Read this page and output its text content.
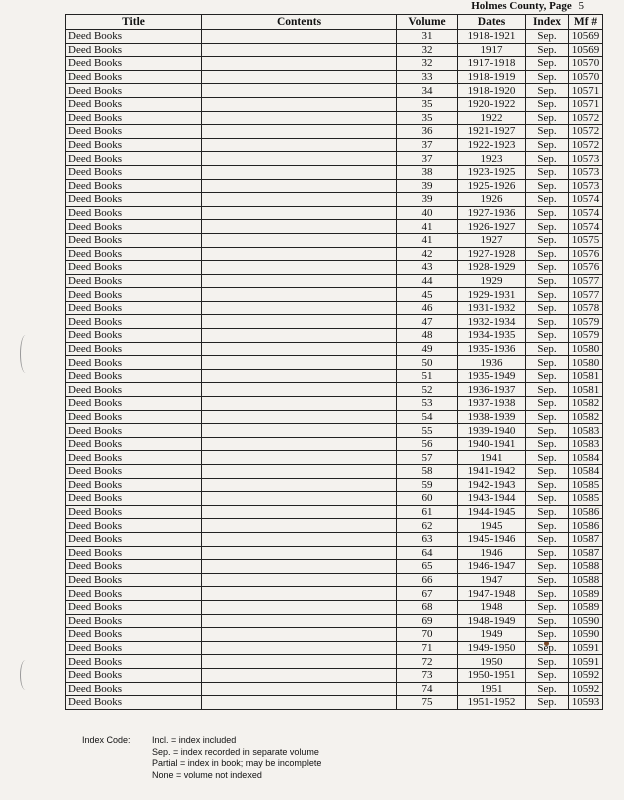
Holmes County, Page 5
Title	Contents	Volume	Dates	Index	Mf #
Deed Books		31	1918-1921	Sep.	10569
Deed Books		32	1917	Sep.	10569
Deed Books		32	1917-1918	Sep.	10570
Deed Books		33	1918-1919	Sep.	10570
Deed Books		34	1918-1920	Sep.	10571
Deed Books		35	1920-1922	Sep.	10571
Deed Books		35	1922	Sep.	10572
Deed Books		36	1921-1927	Sep.	10572
Deed Books		37	1922-1923	Sep.	10572
Deed Books		37	1923	Sep.	10573
Deed Books		38	1923-1925	Sep.	10573
Deed Books		39	1925-1926	Sep.	10573
Deed Books		39	1926	Sep.	10574
Deed Books		40	1927-1936	Sep.	10574
Deed Books		41	1926-1927	Sep.	10574
Deed Books		41	1927	Sep.	10575
Deed Books		42	1927-1928	Sep.	10576
Deed Books		43	1928-1929	Sep.	10576
Deed Books		44	1929	Sep.	10577
Deed Books		45	1929-1931	Sep.	10577
Deed Books		46	1931-1932	Sep.	10578
Deed Books		47	1932-1934	Sep.	10579
Deed Books		48	1934-1935	Sep.	10579
Deed Books		49	1935-1936	Sep.	10580
Deed Books		50	1936	Sep.	10580
Deed Books		51	1935-1949	Sep.	10581
Deed Books		52	1936-1937	Sep.	10581
Deed Books		53	1937-1938	Sep.	10582
Deed Books		54	1938-1939	Sep.	10582
Deed Books		55	1939-1940	Sep.	10583
Deed Books		56	1940-1941	Sep.	10583
Deed Books		57	1941	Sep.	10584
Deed Books		58	1941-1942	Sep.	10584
Deed Books		59	1942-1943	Sep.	10585
Deed Books		60	1943-1944	Sep.	10585
Deed Books		61	1944-1945	Sep.	10586
Deed Books		62	1945	Sep.	10586
Deed Books		63	1945-1946	Sep.	10587
Deed Books		64	1946	Sep.	10587
Deed Books		65	1946-1947	Sep.	10588
Deed Books		66	1947	Sep.	10588
Deed Books		67	1947-1948	Sep.	10589
Deed Books		68	1948	Sep.	10589
Deed Books		69	1948-1949	Sep.	10590
Deed Books		70	1949	Sep.	10590
Deed Books		71	1949-1950	Sep.	10591
Deed Books		72	1950	Sep.	10591
Deed Books		73	1950-1951	Sep.	10592
Deed Books		74	1951	Sep.	10592
Deed Books		75	1951-1952	Sep.	10593
Index Code:	Incl. = index included
Sep. = index recorded in separate volume
Partial = index in book; may be incomplete
None = volume not indexed
